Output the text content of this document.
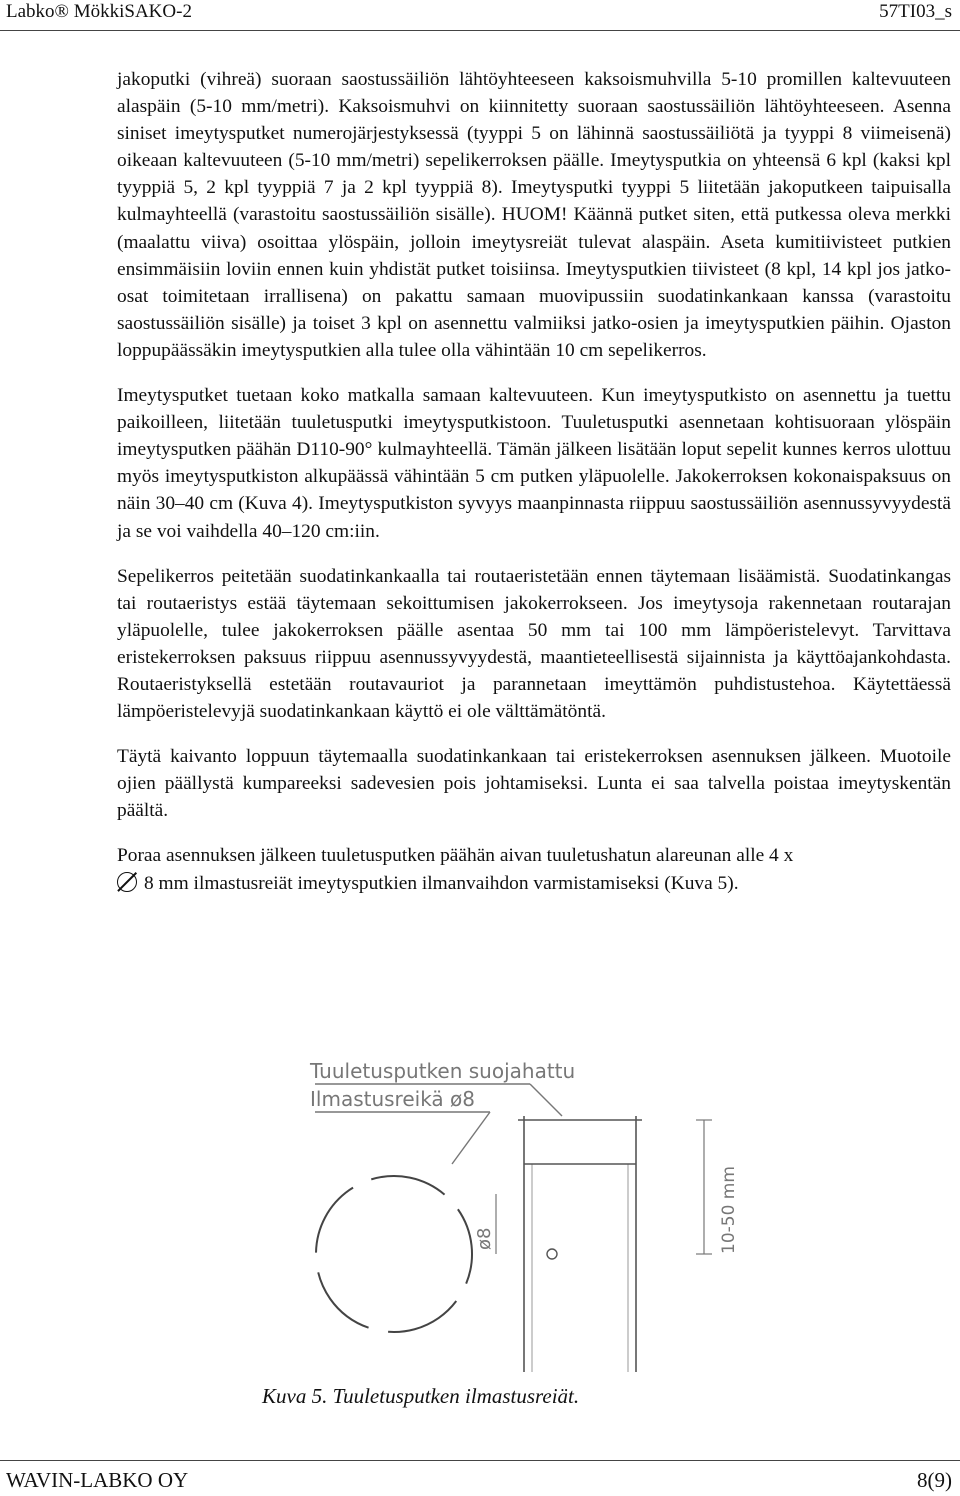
Labko® MökkiSAKO-2	57TI03_s

jakoputki (vihreä) suoraan saostussäiliön lähtöyhteeseen kaksoismuhvilla 5-10 promillen kaltevuuteen alaspäin (5-10 mm/metri). Kaksoismuhvi on kiinnitetty suoraan saostussäiliön lähtöyhteeseen. Asenna siniset imeytysputket numerojärjestyksessä (tyyppi 5 on lähinnä saostussäiliötä ja tyyppi 8 viimeisenä) oikeaan kaltevuuteen (5-10 mm/metri) sepelikerroksen päälle. Imeytysputkia on yhteensä 6 kpl (kaksi kpl tyyppiä 5, 2 kpl tyyppiä 7 ja 2 kpl tyyppiä 8). Imeytysputki tyyppi 5 liitetään jakoputkeen taipuisalla kulmayhteellä (varastoitu saostussäiliön sisälle). HUOM! Käännä putket siten, että putkessa oleva merkki (maalattu viiva) osoittaa ylöspäin, jolloin imeytysreiät tulevat alaspäin. Aseta kumitiivisteet putkien ensimmäisiin loviin ennen kuin yhdistät putket toisiinsa. Imeytysputkien tiivisteet (8 kpl, 14 kpl jos jatko-osat toimitetaan irrallisena) on pakattu samaan muovipussiin suodatinkankaan kanssa (varastoitu saostussäiliön sisälle) ja toiset 3 kpl on asennettu valmiiksi jatko-osien ja imeytysputkien päihin. Ojaston loppupäässäkin imeytysputkien alla tulee olla vähintään 10 cm sepelikerros.

Imeytysputket tuetaan koko matkalla samaan kaltevuuteen. Kun imeytysputkisto on asennettu ja tuettu paikoilleen, liitetään tuuletusputki imeytysputkistoon. Tuuletusputki asennetaan kohtisuoraan ylöspäin imeytysputken päähän D110-90° kulmayhteellä. Tämän jälkeen lisätään loput sepelit kunnes kerros ulottuu myös imeytysputkiston alkupäässä vähintään 5 cm putken yläpuolelle. Jakokerroksen kokonaispaksuus on näin 30–40 cm (Kuva 4). Imeytysputkiston syvyys maanpinnasta riippuu saostussäiliön asennussyvyydestä ja se voi vaihdella 40–120 cm:iin.

Sepelikerros peitetään suodatinkankaalla tai routaeristetään ennen täytemaan lisäämistä. Suodatinkangas tai routaeristys estää täytemaan sekoittumisen jakokerrokseen. Jos imeytysoja rakennetaan routarajan yläpuolelle, tulee jakokerroksen päälle asentaa 50 mm tai 100 mm lämpöeristelevyt. Tarvittava eristekerroksen paksuus riippuu asennussyvyydestä, maantieteellisestä sijainnista ja käyttöajankohdasta. Routaeristyksellä estetään routavauriot ja parannetaan imeyttämön puhdistustehoa. Käytettäessä lämpöeristelevyjä suodatinkankaan käyttö ei ole välttämätöntä.

Täytä kaivanto loppuun täytemaalla suodatinkankaan tai eristekerroksen asennuksen jälkeen. Muotoile ojien päällystä kumpareeksi sadevesien pois johtamiseksi. Lunta ei saa talvella poistaa imeytyskentän päältä.

Poraa asennuksen jälkeen tuuletusputken päähän aivan tuuletushatun alareunan alle 4 x
8 mm ilmastusreiät imeytysputkien ilmanvaihdon varmistamiseksi (Kuva 5).

Tuuletusputken suojahattu
Ilmastusreikä ø8
ø8	10-50 mm
Kuva 5. Tuuletusputken ilmastusreiät.
WAVIN-LABKO OY	8(9)
